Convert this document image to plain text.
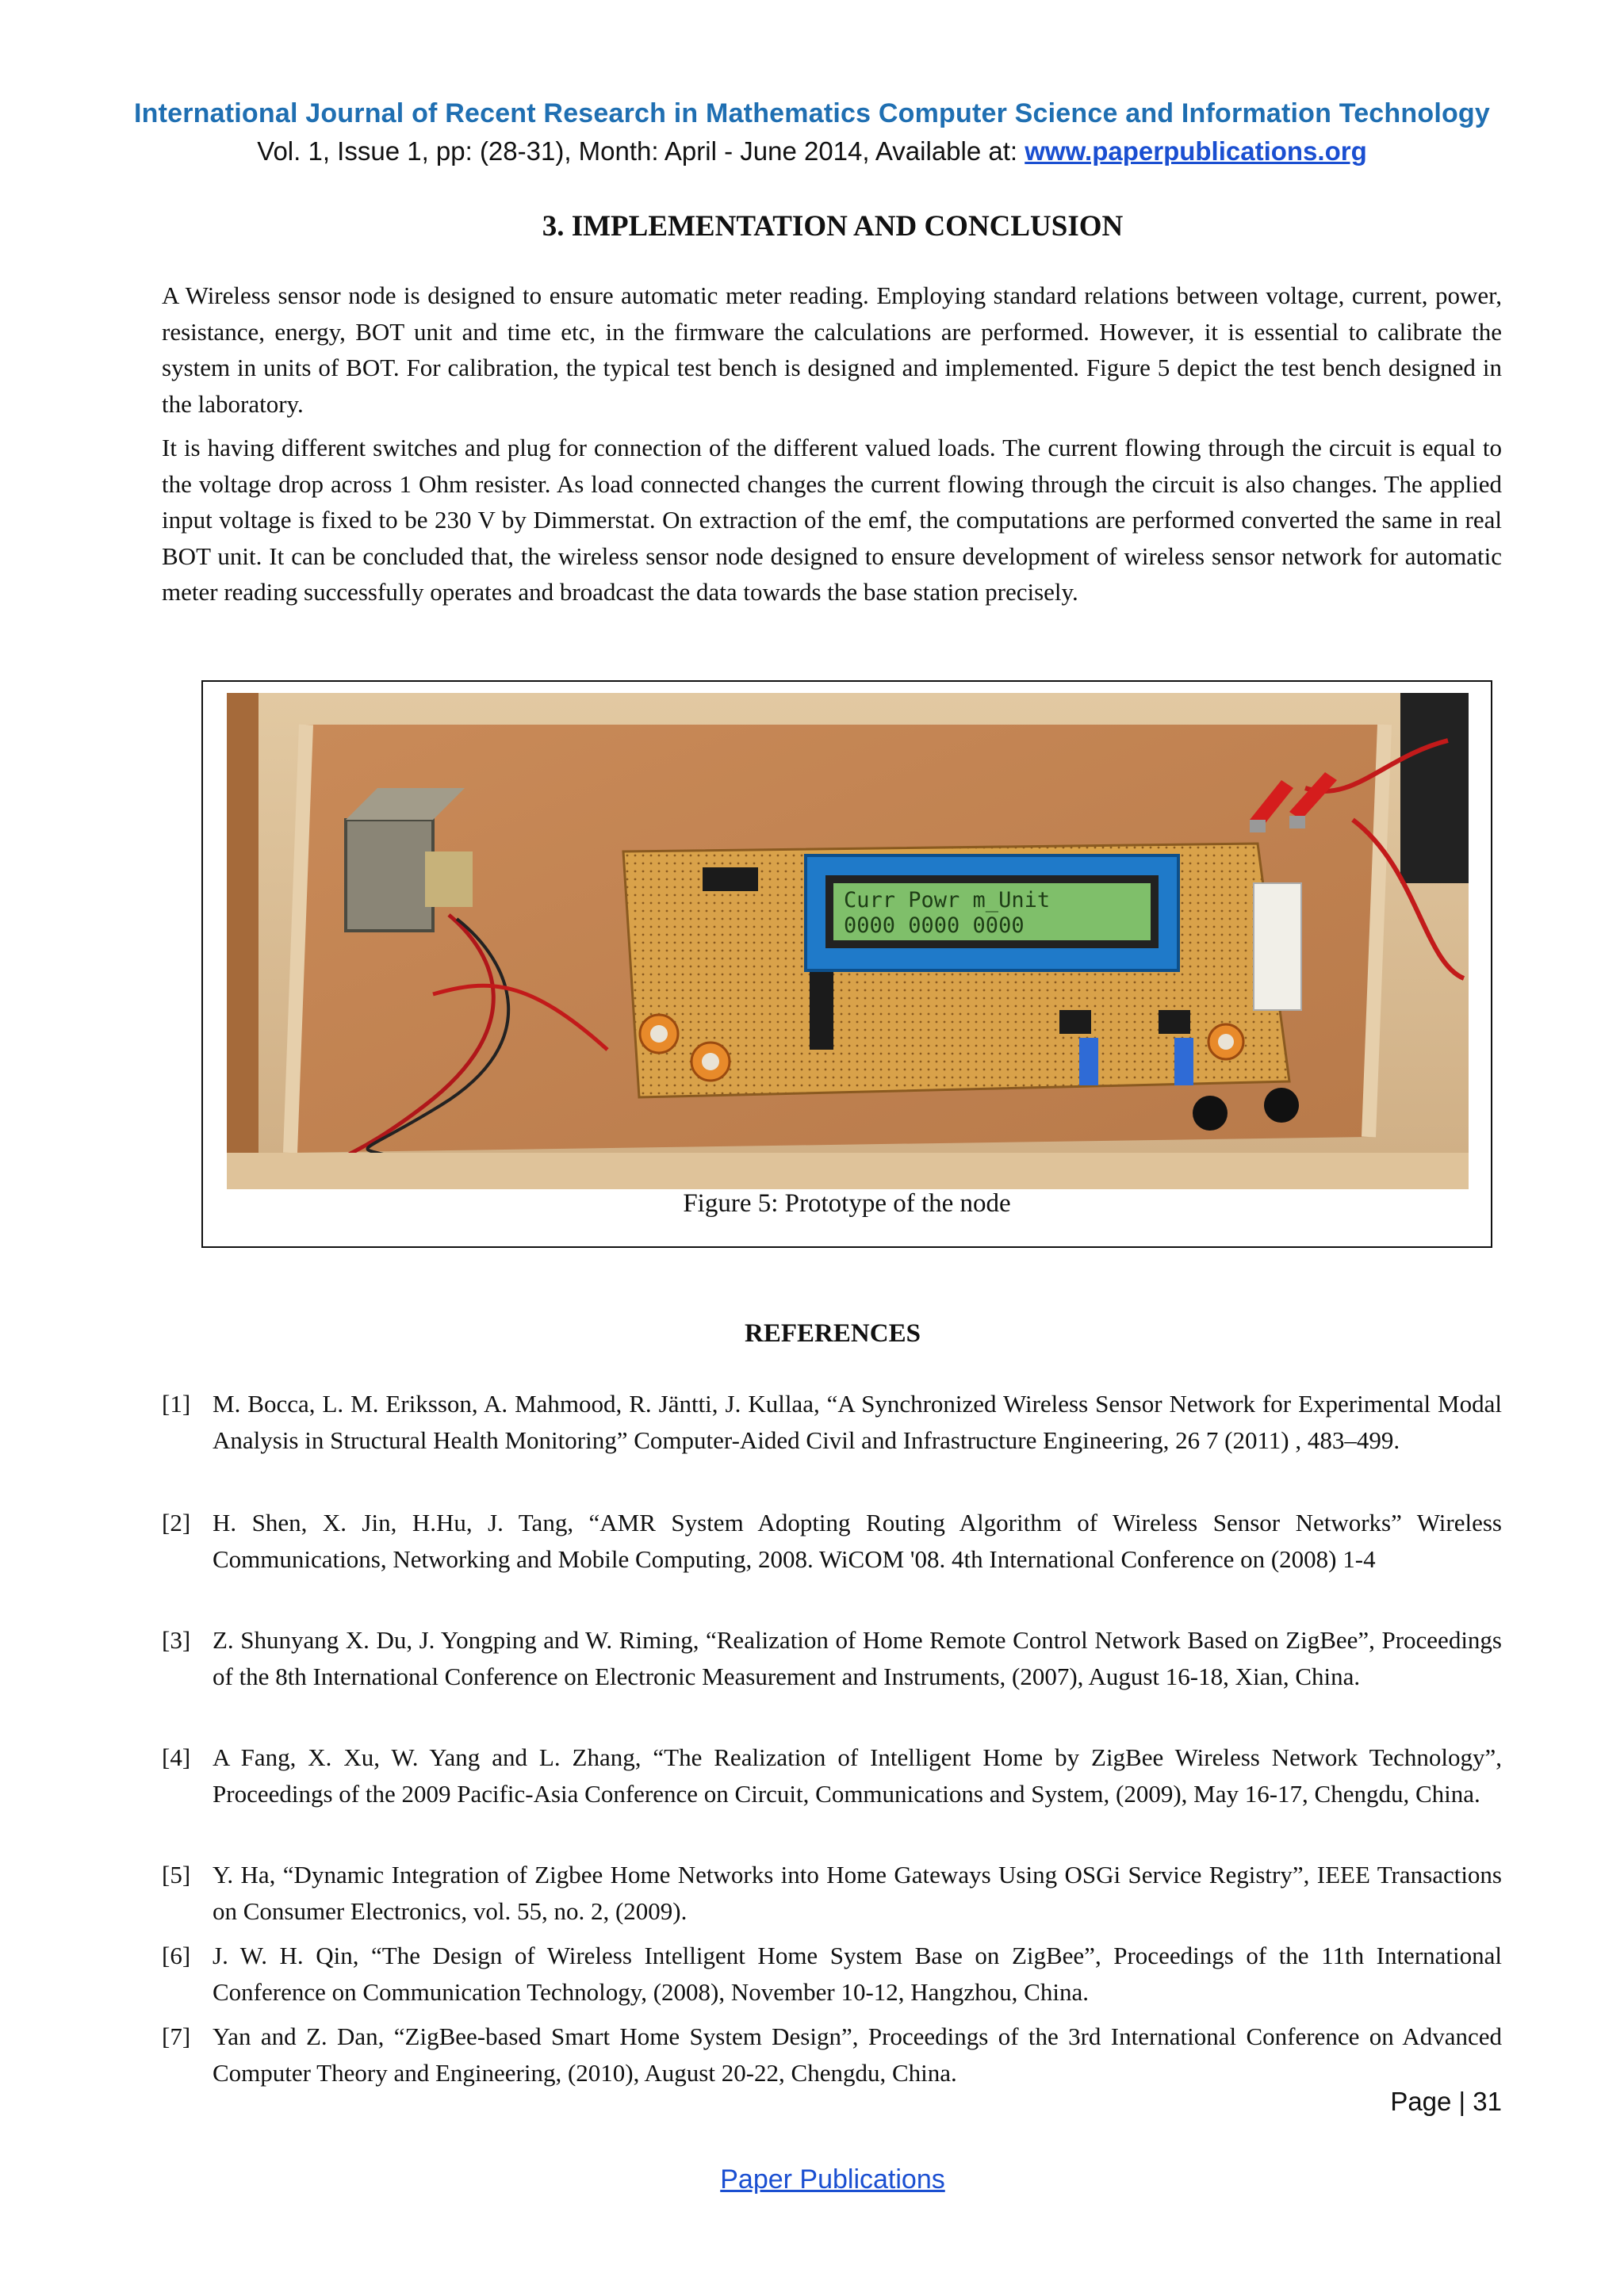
International Journal of Recent Research in Mathematics Computer Science and Information Technology
Vol. 1, Issue 1, pp: (28-31), Month: April - June 2014, Available at: www.paperpublications.org
3. IMPLEMENTATION AND CONCLUSION

A Wireless sensor node is designed to ensure automatic meter reading. Employing standard relations between voltage, current, power, resistance, energy, BOT unit and time etc, in the firmware the calculations are performed. However, it is essential to calibrate the system in units of BOT. For calibration, the typical test bench is designed and implemented. Figure 5 depict the test bench designed in the laboratory.

It is having different switches and plug for connection of the different valued loads. The current flowing through the circuit is equal to the voltage drop across 1 Ohm resister. As load connected changes the current flowing through the circuit is also changes. The applied input voltage is fixed to be 230 V by Dimmerstat. On extraction of the emf, the computations are performed converted the same in real BOT unit. It can be concluded that, the wireless sensor node designed to ensure development of wireless sensor network for automatic meter reading successfully operates and broadcast the data towards the base station precisely.

Curr Powr m_Unit
0000 0000 0000
Figure 5: Prototype of the node
REFERENCES
[1] M. Bocca, L. M. Eriksson, A. Mahmood, R. Jäntti, J. Kullaa, “A Synchronized Wireless Sensor Network for Experimental Modal Analysis in Structural Health Monitoring” Computer-Aided Civil and Infrastructure Engineering, 26 7 (2011) , 483–499.
[2] H. Shen, X. Jin, H.Hu, J. Tang, “AMR System Adopting Routing Algorithm of Wireless Sensor Networks” Wireless Communications, Networking and Mobile Computing, 2008. WiCOM '08. 4th International Conference on (2008) 1-4
[3] Z. Shunyang X. Du, J. Yongping and W. Riming, “Realization of Home Remote Control Network Based on ZigBee”, Proceedings of the 8th International Conference on Electronic Measurement and Instruments, (2007), August 16-18, Xian, China.
[4] A Fang, X. Xu, W. Yang and L. Zhang, “The Realization of Intelligent Home by ZigBee Wireless Network Technology”, Proceedings of the 2009 Pacific-Asia Conference on Circuit, Communications and System, (2009), May 16-17, Chengdu, China.
[5] Y. Ha, “Dynamic Integration of Zigbee Home Networks into Home Gateways Using OSGi Service Registry”, IEEE Transactions on Consumer Electronics, vol. 55, no. 2, (2009).
[6] J. W. H. Qin, “The Design of Wireless Intelligent Home System Base on ZigBee”, Proceedings of the 11th International Conference on Communication Technology, (2008), November 10-12, Hangzhou, China.
[7] Yan and Z. Dan, “ZigBee-based Smart Home System Design”, Proceedings of the 3rd International Conference on Advanced Computer Theory and Engineering, (2010), August 20-22, Chengdu, China.
Page | 31
Paper Publications
